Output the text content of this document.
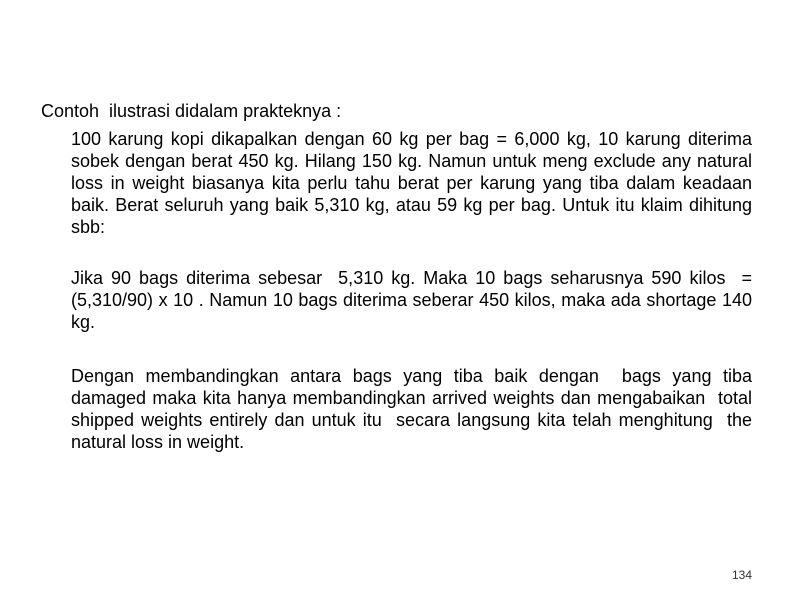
Contoh  ilustrasi didalam prakteknya :
100 karung kopi dikapalkan dengan 60 kg per bag = 6,000 kg, 10 karung diterima sobek dengan berat 450 kg. Hilang 150 kg. Namun untuk meng exclude any natural loss in weight biasanya kita perlu tahu berat per karung yang tiba dalam keadaan baik. Berat seluruh yang baik 5,310 kg, atau 59 kg per bag. Untuk itu klaim dihitung sbb:
Jika 90 bags diterima sebesar  5,310 kg. Maka 10 bags seharusnya 590 kilos  =  (5,310/90) x 10 . Namun 10 bags diterima seberar 450 kilos, maka ada shortage 140 kg.
Dengan membandingkan antara bags yang tiba baik dengan  bags yang tiba  damaged maka kita hanya membandingkan arrived weights dan mengabaikan  total shipped weights entirely dan untuk itu  secara langsung kita telah menghitung  the natural loss in weight.
134
